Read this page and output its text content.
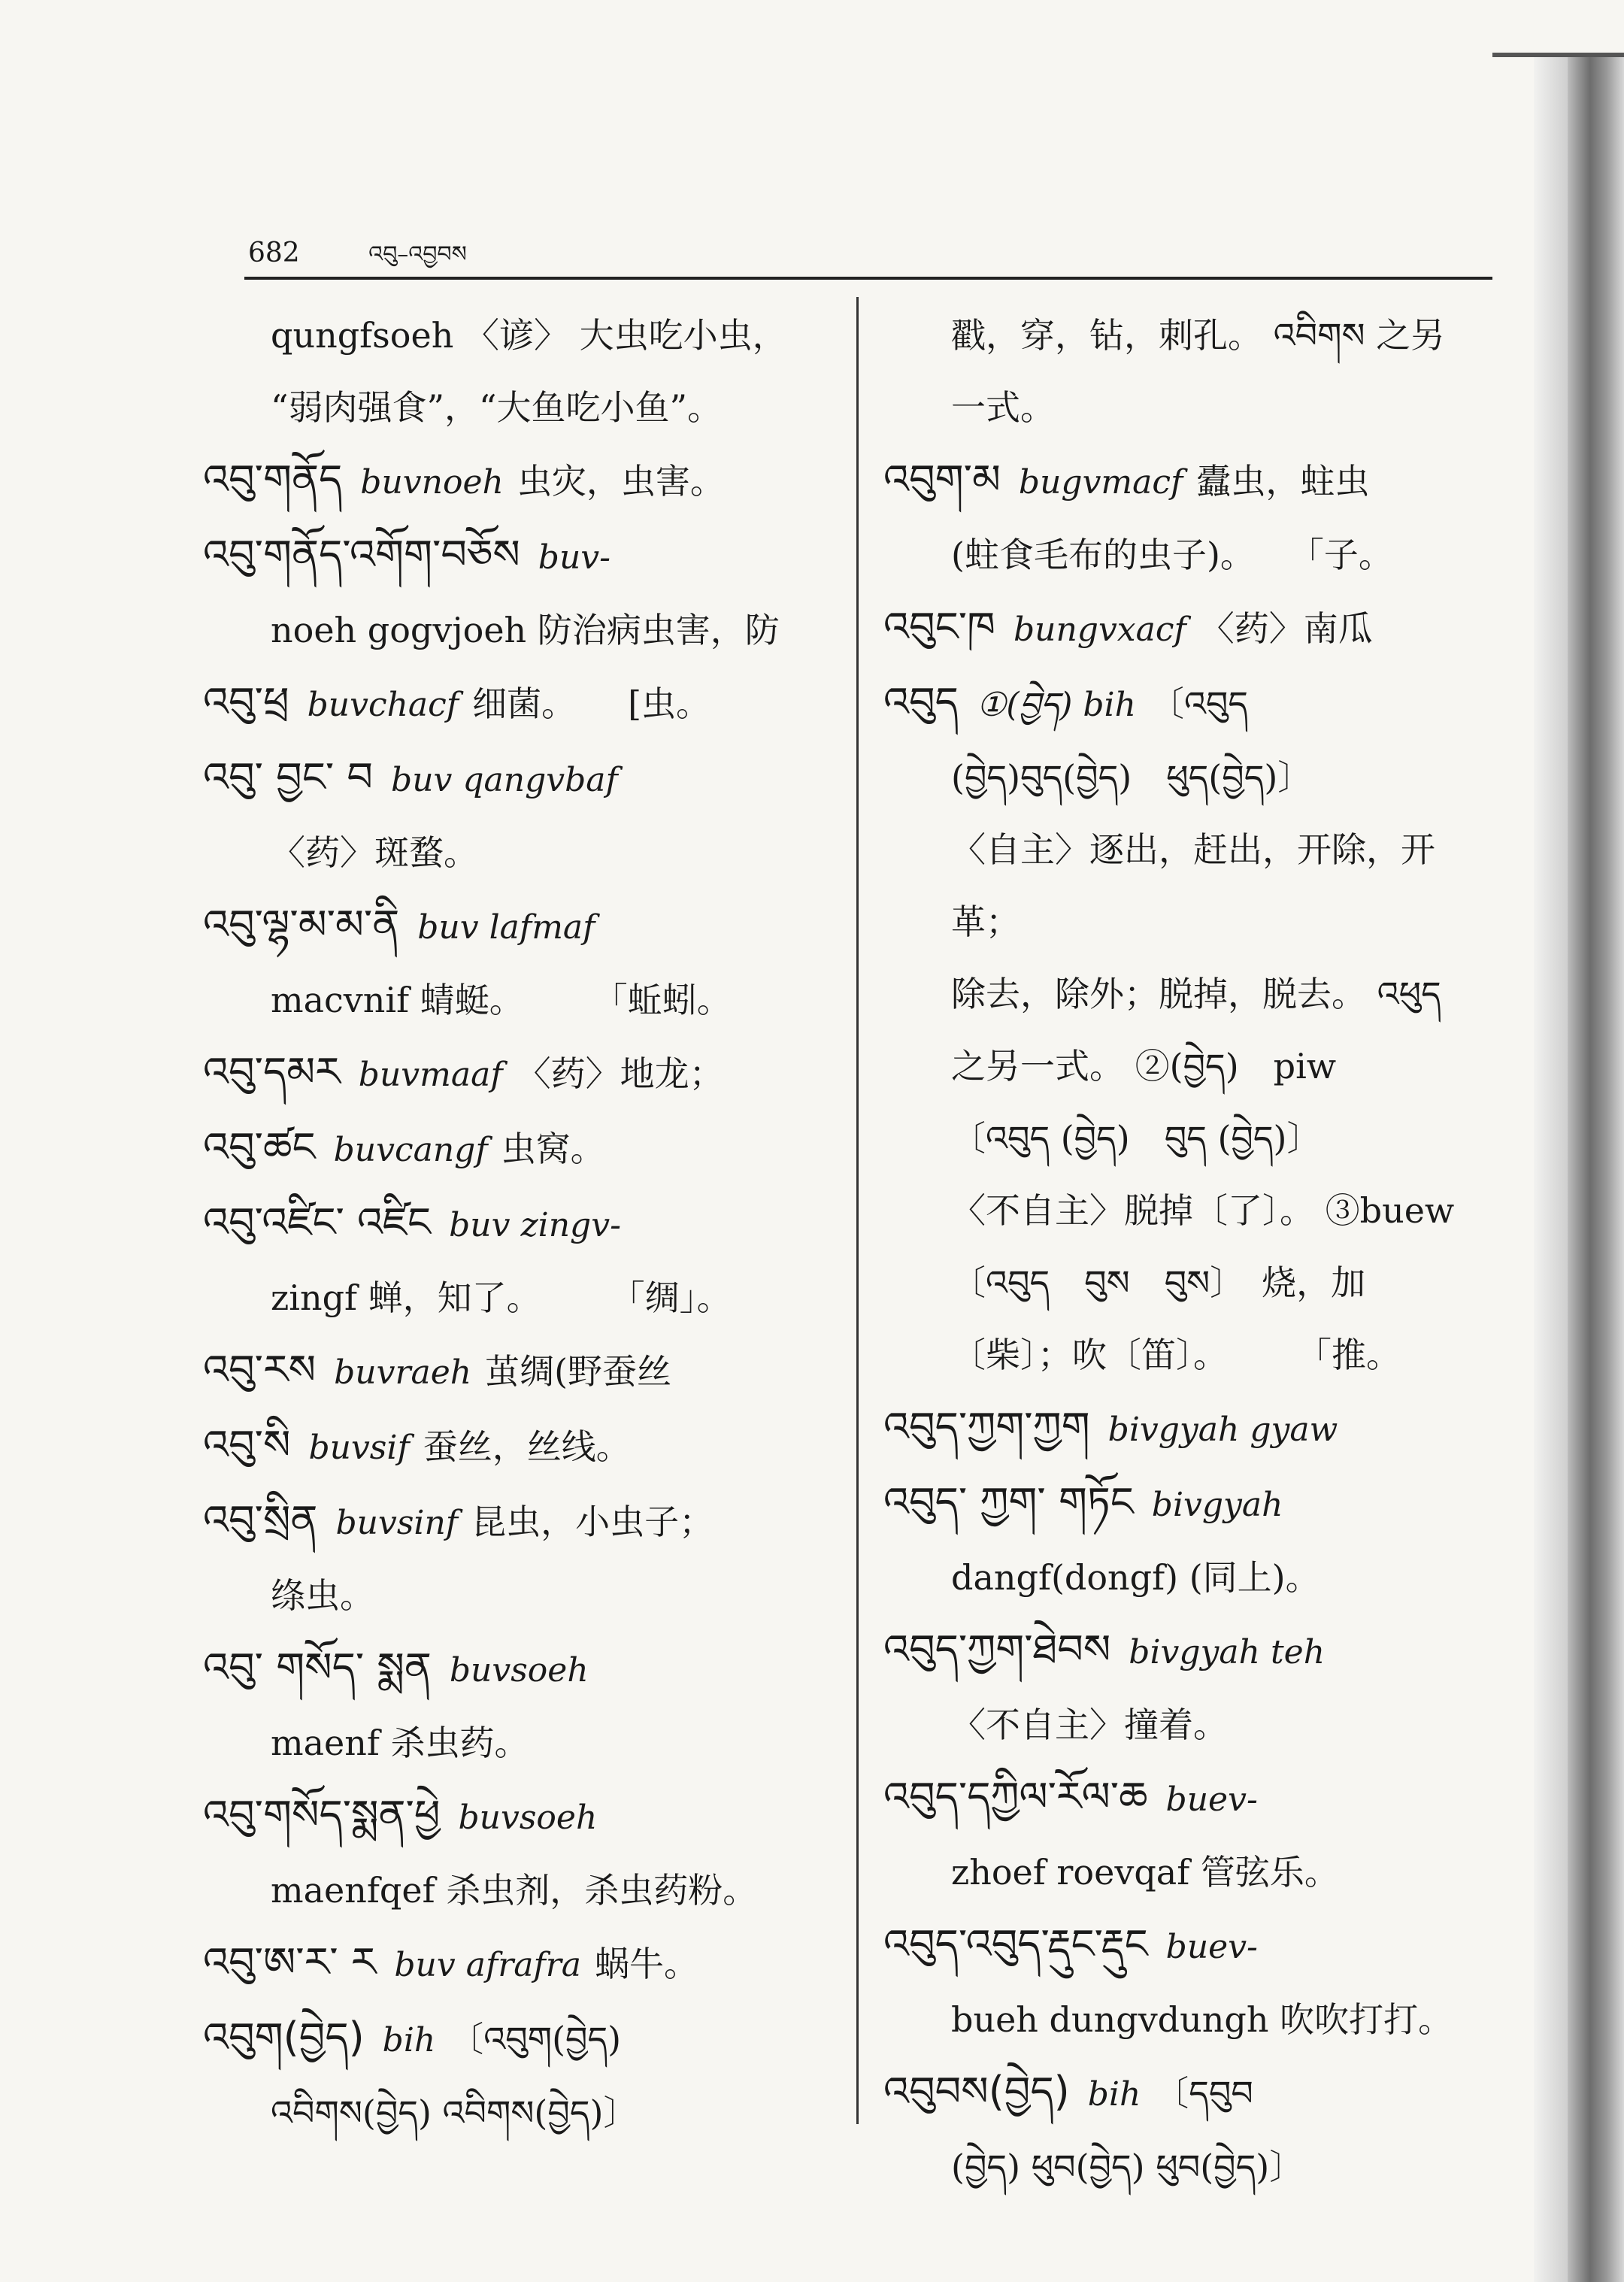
682	འབུ–འབྱབས

qungfsoeh 〈谚〉 大虫吃小虫，

“弱肉强食”，“大鱼吃小鱼”。

འབུ་གནོད buvnoeh 虫灾，虫害。

འབུ་གནོད་འགོག་བཅོས buv-

noeh gogvjoeh 防治病虫害，防

འབུ་ཕྲ buvchacf 细菌。　　[虫。

འབུ་ བྱང་ བ buv qangvbaf

〈药〉斑蝥。

འབུ་ལྷ་མ་མ་ནི buv lafmaf

macvnif 蜻蜓。　　　「蚯蚓。

འབུ་དམར buvmaaf 〈药〉地龙；

འབུ་ཚང buvcangf 虫窝。

འབུ་འཛིང་ འཛིང buv zingv-

zingf 蝉，知了。　　　「绸」。

འབུ་རས buvraeh 茧绸(野蚕丝

འབུ་སི buvsif 蚕丝，丝线。

འབུ་སྲིན buvsinf 昆虫，小虫子；

绦虫。

འབུ་ གསོད་ སྨན buvsoeh

maenf 杀虫药。

འབུ་གསོད་སྨན་ཕྱེ buvsoeh

maenfqef 杀虫剂，杀虫药粉。

འབུ་ཨ་ར་ ར buv afrafra 蜗牛。

འབུག(བྱེད) bih 〔འབུག(བྱེད)

འབིགས(བྱེད) འབིགས(བྱེད)〕

戳，穿，钻，刺孔。 འབིགས 之另

一式。

འབུག་མ bugvmacf 蠹虫，蛀虫

(蛀食毛布的虫子)。　　「子。

འབུང་ཁ bungvxacf 〈药〉南瓜

འབུད ①(བྱེད) bih 〔འབུད

(བྱེད)བུད(བྱེད)　ཕུད(བྱེད)〕

〈自主〉逐出，赶出，开除，开革；

除去，除外；脱掉，脱去。 འཕུད

之另一式。 ②(བྱེད)　piw

〔འབུད (བྱེད)　བུད (བྱེད)〕

〈不自主〉脱掉〔了〕。 ③buew

〔འབུད　བུས　བུས〕　烧，加

〔柴〕；吹〔笛〕。　　　「推。

འབུད་ཀྱག་ཀྱག bivgyah gyaw

འབུད་ ཀྱག་ གཏོང bivgyah

dangf(dongf) (同上)。

འབུད་ཀྱག་ཐེབས bivgyah teh

〈不自主〉撞着。

འབུད་དཀྱིལ་རོལ་ཆ buev-

zhoef roevqaf 管弦乐。

འབུད་འབུད་རྡུང་རྡུང buev-

bueh dungvdungh 吹吹打打。

འབུབས(བྱེད) bih 〔དབུབ

(བྱེད) ཕུབ(བྱེད) ཕུབ(བྱེད)〕
